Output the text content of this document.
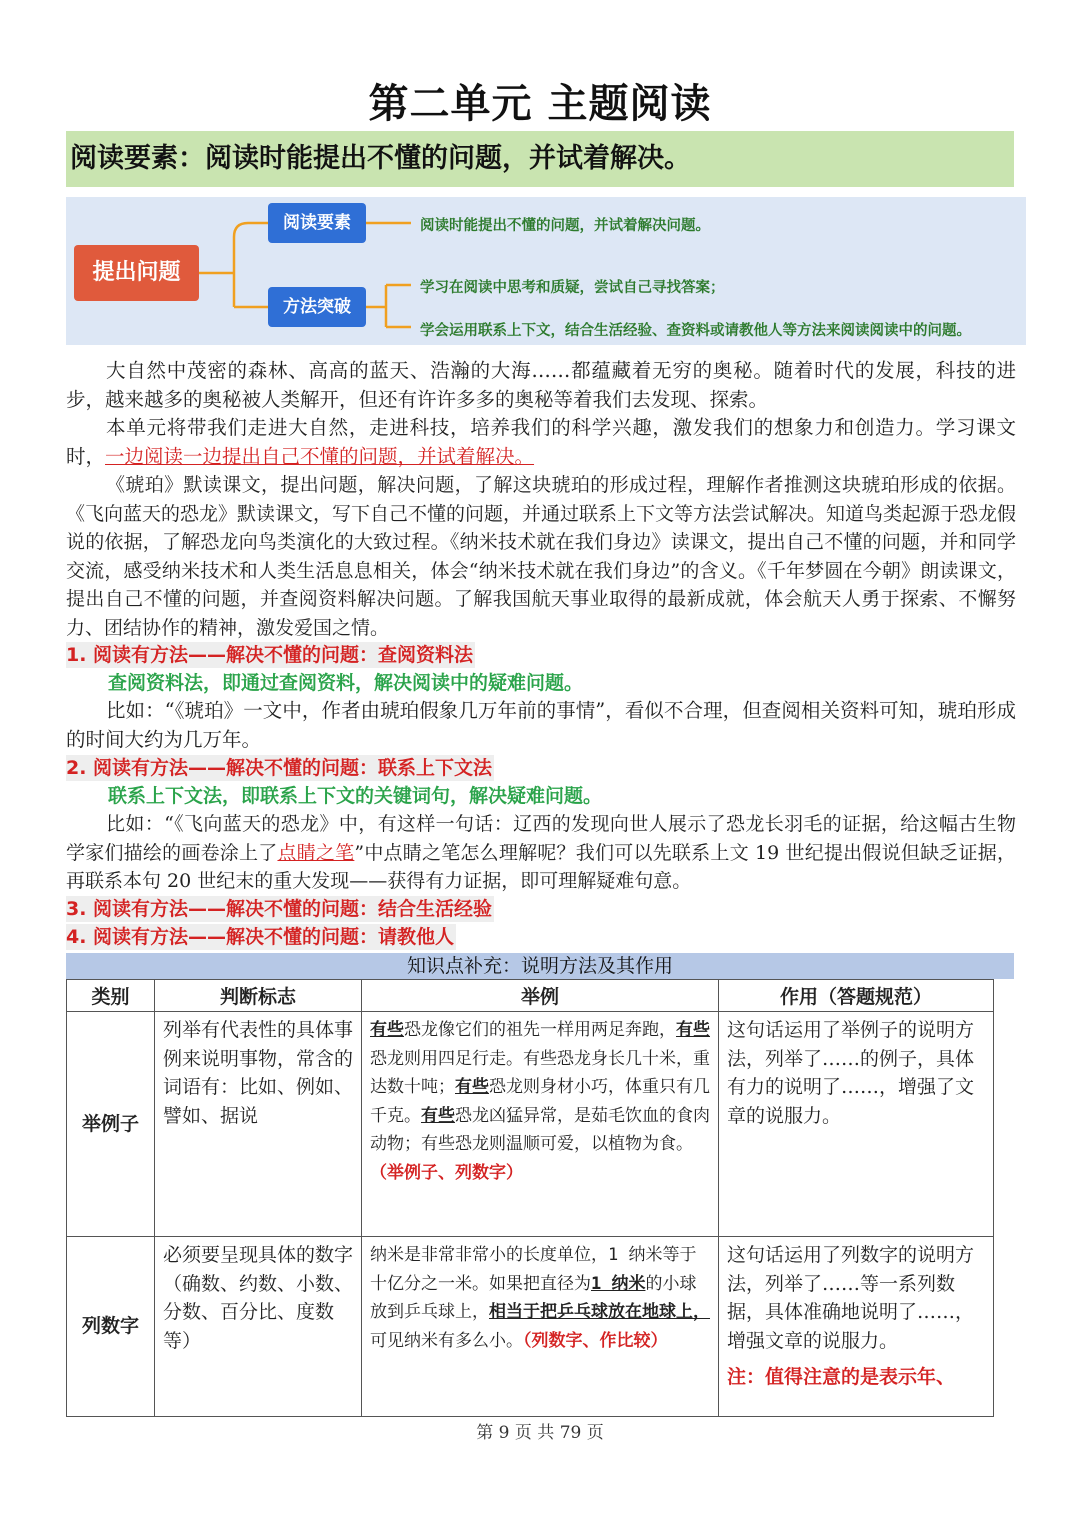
第二单元 主题阅读
阅读要素：阅读时能提出不懂的问题，并试着解决。
提出问题
阅读要素
方法突破
阅读时能提出不懂的问题，并试着解决问题。
学习在阅读中思考和质疑，尝试自己寻找答案；
学会运用联系上下文，结合生活经验、查资料或请教他人等方法来阅读阅读中的问题。
大自然中茂密的森林、高高的蓝天、浩瀚的大海……都蕴藏着无穷的奥秘。随着时代的发展，科技的进步，越来越多的奥秘被人类解开，但还有许许多多的奥秘等着我们去发现、探索。
本单元将带我们走进大自然，走进科技，培养我们的科学兴趣，激发我们的想象力和创造力。学习课文时，一边阅读一边提出自己不懂的问题，并试着解决。
《琥珀》默读课文，提出问题，解决问题，了解这块琥珀的形成过程，理解作者推测这块琥珀形成的依据。《飞向蓝天的恐龙》默读课文，写下自己不懂的问题，并通过联系上下文等方法尝试解决。知道鸟类起源于恐龙假说的依据，了解恐龙向鸟类演化的大致过程。《纳米技术就在我们身边》读课文，提出自己不懂的问题，并和同学交流，感受纳米技术和人类生活息息相关，体会“纳米技术就在我们身边”的含义。《千年梦圆在今朝》朗读课文，提出自己不懂的问题，并查阅资料解决问题。了解我国航天事业取得的最新成就，体会航天人勇于探索、不懈努力、团结协作的精神，激发爱国之情。
1. 阅读有方法——解决不懂的问题：查阅资料法
查阅资料法，即通过查阅资料，解决阅读中的疑难问题。
比如：“《琥珀》一文中，作者由琥珀假象几万年前的事情”，看似不合理，但查阅相关资料可知，琥珀形成的时间大约为几万年。
2. 阅读有方法——解决不懂的问题：联系上下文法
联系上下文法，即联系上下文的关键词句，解决疑难问题。
比如：“《飞向蓝天的恐龙》中，有这样一句话：辽西的发现向世人展示了恐龙长羽毛的证据，给这幅古生物学家们描绘的画卷涂上了点睛之笔”中点睛之笔怎么理解呢？我们可以先联系上文 19 世纪提出假说但缺乏证据，再联系本句 20 世纪末的重大发现——获得有力证据，即可理解疑难句意。
3. 阅读有方法——解决不懂的问题：结合生活经验
4. 阅读有方法——解决不懂的问题：请教他人
知识点补充：说明方法及其作用
类别	判断标志	举例	作用（答题规范）
举例子	列举有代表性的具体事例来说明事物，常含的词语有：比如、例如、譬如、据说	有些恐龙像它们的祖先一样用两足奔跑，有些恐龙则用四足行走。有些恐龙身长几十米，重达数十吨；有些恐龙则身材小巧，体重只有几千克。有些恐龙凶猛异常，是茹毛饮血的食肉动物；有些恐龙则温顺可爱，以植物为食。（举例子、列数字）	这句话运用了举例子的说明方法，列举了……的例子，具体有力的说明了……，增强了文章的说服力。
列数字	必须要呈现具体的数字（确数、约数、小数、分数、百分比、度数等）	纳米是非常非常小的长度单位，1 纳米等于十亿分之一米。如果把直径为1 纳米的小球放到乒乓球上，相当于把乒乓球放在地球上，可见纳米有多么小。（列数字、作比较）	这句话运用了列数字的说明方法，列举了……等一系列数据，具体准确地说明了……，增强文章的说服力。
注：值得注意的是表示年、
第 9 页 共 79 页
